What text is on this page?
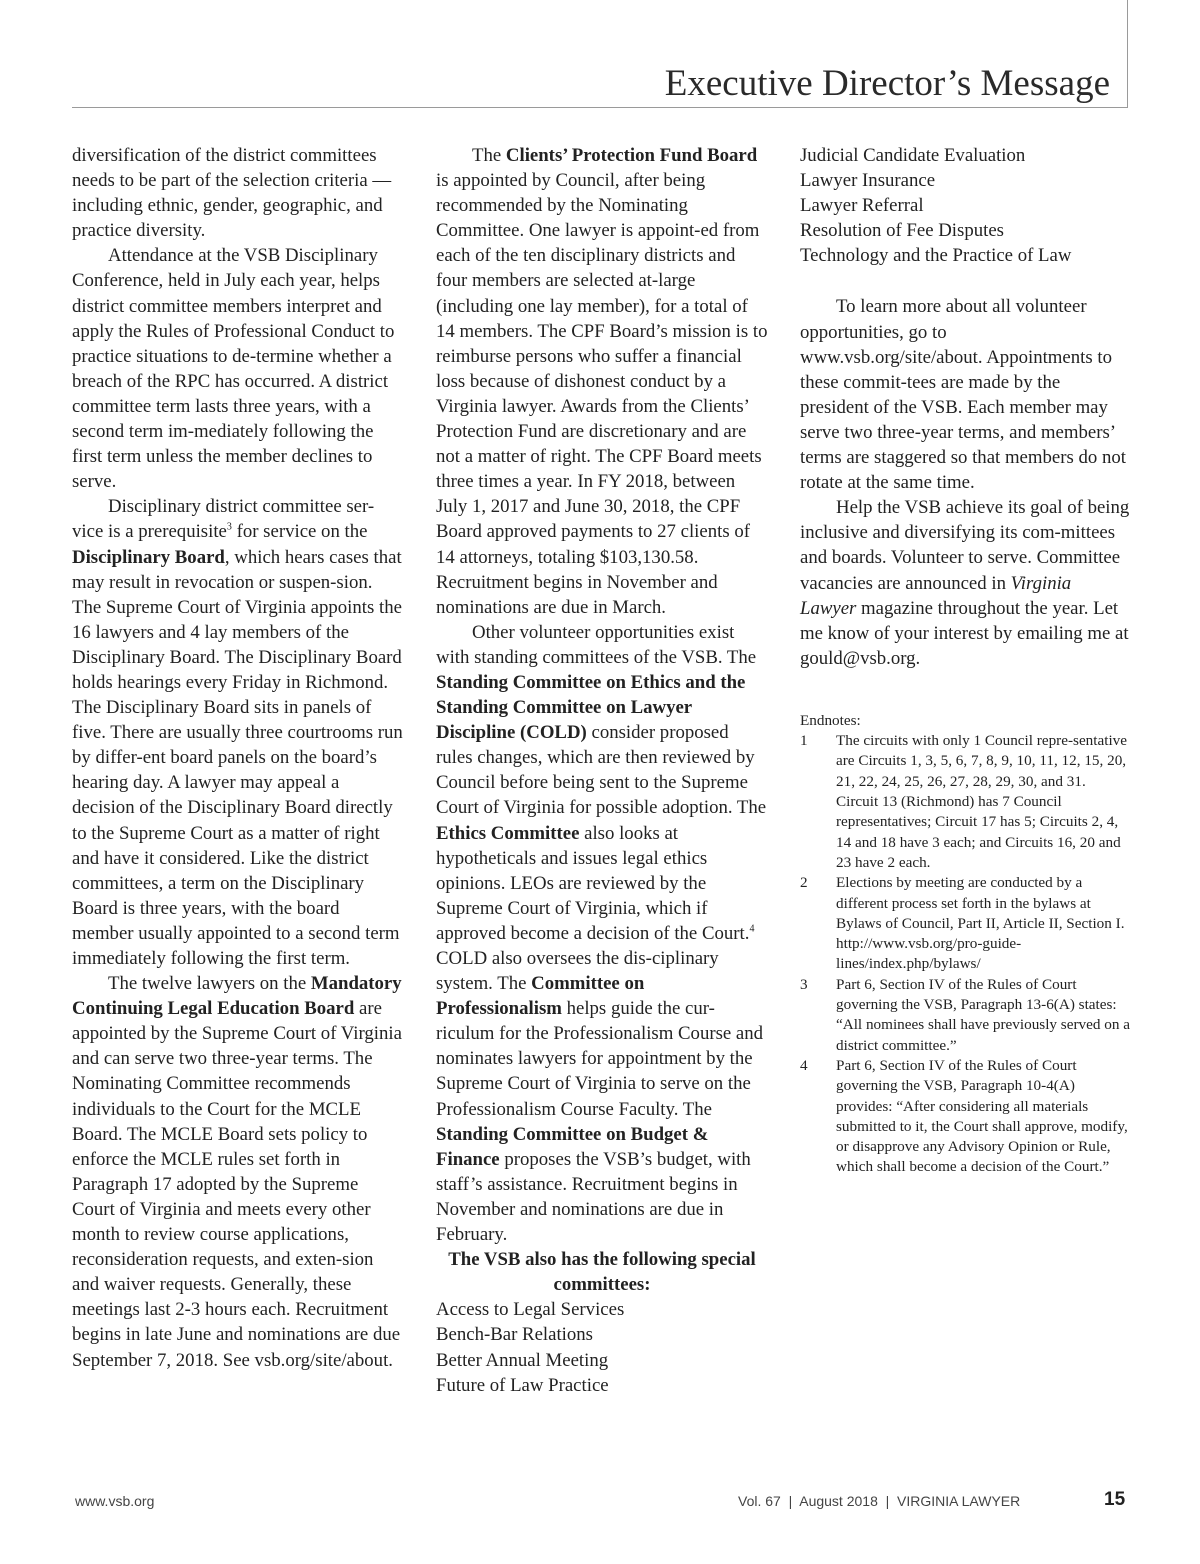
Executive Director’s Message

diversification of the district committees needs to be part of the selection criteria — including ethnic, gender, geographic, and practice diversity.

Attendance at the VSB Disciplinary Conference, held in July each year, helps district committee members interpret and apply the Rules of Professional Conduct to practice situations to de-termine whether a breach of the RPC has occurred. A district committee term lasts three years, with a second term im-mediately following the first term unless the member declines to serve.

Disciplinary district committee ser-vice is a prerequisite$^3$ for service on the Disciplinary Board, which hears cases that may result in revocation or suspen-sion. The Supreme Court of Virginia appoints the 16 lawyers and 4 lay members of the Disciplinary Board. The Disciplinary Board holds hearings every Friday in Richmond. The Disciplinary Board sits in panels of five. There are usually three courtrooms run by differ-ent board panels on the board’s hearing day. A lawyer may appeal a decision of the Disciplinary Board directly to the Supreme Court as a matter of right and have it considered. Like the district committees, a term on the Disciplinary Board is three years, with the board member usually appointed to a second term immediately following the first term.

The twelve lawyers on the Mandatory Continuing Legal Education Board are appointed by the Supreme Court of Virginia and can serve two three-year terms. The Nominating Committee recommends individuals to the Court for the MCLE Board. The MCLE Board sets policy to enforce the MCLE rules set forth in Paragraph 17 adopted by the Supreme Court of Virginia and meets every other month to review course applications, reconsideration requests, and exten-sion and waiver requests. Generally, these meetings last 2-3 hours each. Recruitment begins in late June and nominations are due September 7, 2018. See vsb.org/site/about.

The Clients’ Protection Fund Board is appointed by Council, after being recommended by the Nominating Committee. One lawyer is appoint-ed from each of the ten disciplinary districts and four members are selected at-large (including one lay member), for a total of 14 members. The CPF Board’s mission is to reimburse persons who suffer a financial loss because of dishonest conduct by a Virginia lawyer. Awards from the Clients’ Protection Fund are discretionary and are not a matter of right. The CPF Board meets three times a year. In FY 2018, between July 1, 2017 and June 30, 2018, the CPF Board approved payments to 27 clients of 14 attorneys, totaling $103,130.58. Recruitment begins in November and nominations are due in March.

Other volunteer opportunities exist with standing committees of the VSB. The Standing Committee on Ethics and the Standing Committee on Lawyer Discipline (COLD) consider proposed rules changes, which are then reviewed by Council before being sent to the Supreme Court of Virginia for possible adoption. The Ethics Committee also looks at hypotheticals and issues legal ethics opinions. LEOs are reviewed by the Supreme Court of Virginia, which if approved become a decision of the Court.$^4$ COLD also oversees the dis-ciplinary system. The Committee on Professionalism helps guide the cur-riculum for the Professionalism Course and nominates lawyers for appointment by the Supreme Court of Virginia to serve on the Professionalism Course Faculty. The Standing Committee on Budget & Finance proposes the VSB’s budget, with staff’s assistance. Recruitment begins in November and nominations are due in February.

The VSB also has the following special committees:

Access to Legal Services
Bench-Bar Relations
Better Annual Meeting
Future of Law Practice
Judicial Candidate Evaluation
Lawyer Insurance
Lawyer Referral
Resolution of Fee Disputes
Technology and the Practice of Law

To learn more about all volunteer opportunities, go to www.vsb.org/site/about. Appointments to these commit-tees are made by the president of the VSB. Each member may serve two three-year terms, and members’ terms are staggered so that members do not rotate at the same time.

Help the VSB achieve its goal of being inclusive and diversifying its com-mittees and boards. Volunteer to serve. Committee vacancies are announced in Virginia Lawyer magazine throughout the year. Let me know of your interest by emailing me at gould@vsb.org.

Endnotes:

1	The circuits with only 1 Council repre-sentative are Circuits 1, 3, 5, 6, 7, 8, 9, 10, 11, 12, 15, 20, 21, 22, 24, 25, 26, 27, 28, 29, 30, and 31. Circuit 13 (Richmond) has 7 Council representatives; Circuit 17 has 5; Circuits 2, 4, 14 and 18 have 3 each; and Circuits 16, 20 and 23 have 2 each.
2	Elections by meeting are conducted by a different process set forth in the bylaws at Bylaws of Council, Part II, Article II, Section I. http://www.vsb.org/pro-guide-lines/index.php/bylaws/
3	Part 6, Section IV of the Rules of Court governing the VSB, Paragraph 13-6(A) states: “All nominees shall have previously served on a district committee.”
4	Part 6, Section IV of the Rules of Court governing the VSB, Paragraph 10-4(A) provides: “After considering all materials submitted to it, the Court shall approve, modify, or disapprove any Advisory Opinion or Rule, which shall become a decision of the Court.”
www.vsb.org	Vol. 67  |  August 2018  |  VIRGINIA LAWYER	15
